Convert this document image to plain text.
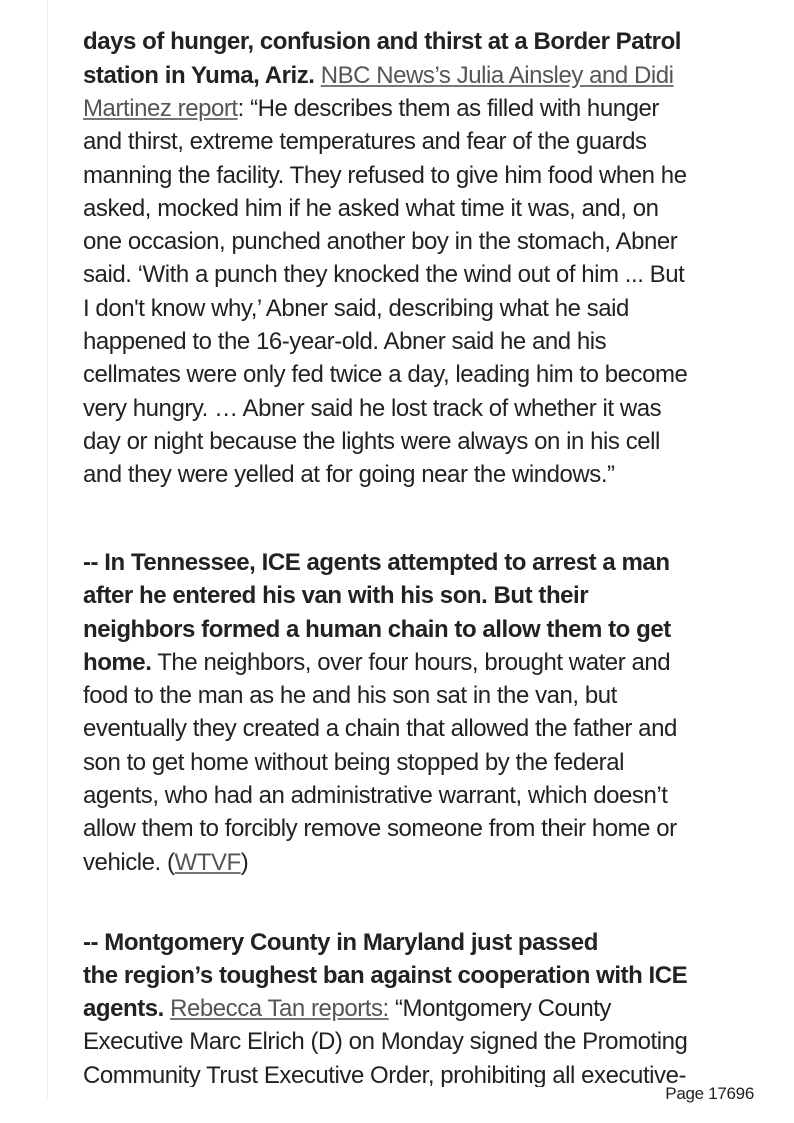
days of hunger, confusion and thirst at a Border Patrol
station in Yuma, Ariz. NBC News’s Julia Ainsley and Didi
Martinez report: “He describes them as filled with hunger
and thirst, extreme temperatures and fear of the guards
manning the facility. They refused to give him food when he
asked, mocked him if he asked what time it was, and, on
one occasion, punched another boy in the stomach, Abner
said. ‘With a punch they knocked the wind out of him ... But
I don't know why,’ Abner said, describing what he said
happened to the 16-year-old. Abner said he and his
cellmates were only fed twice a day, leading him to become
very hungry. … Abner said he lost track of whether it was
day or night because the lights were always on in his cell
and they were yelled at for going near the windows.”
-- In Tennessee, ICE agents attempted to arrest a man
after he entered his van with his son. But their
neighbors formed a human chain to allow them to get
home. The neighbors, over four hours, brought water and
food to the man as he and his son sat in the van, but
eventually they created a chain that allowed the father and
son to get home without being stopped by the federal
agents, who had an administrative warrant, which doesn’t
allow them to forcibly remove someone from their home or
vehicle. (WTVF)
-- Montgomery County in Maryland just passed
the region’s toughest ban against cooperation with ICE
agents. Rebecca Tan reports: “Montgomery County
Executive Marc Elrich (D) on Monday signed the Promoting
Community Trust Executive Order, prohibiting all executive-
Page 17696
